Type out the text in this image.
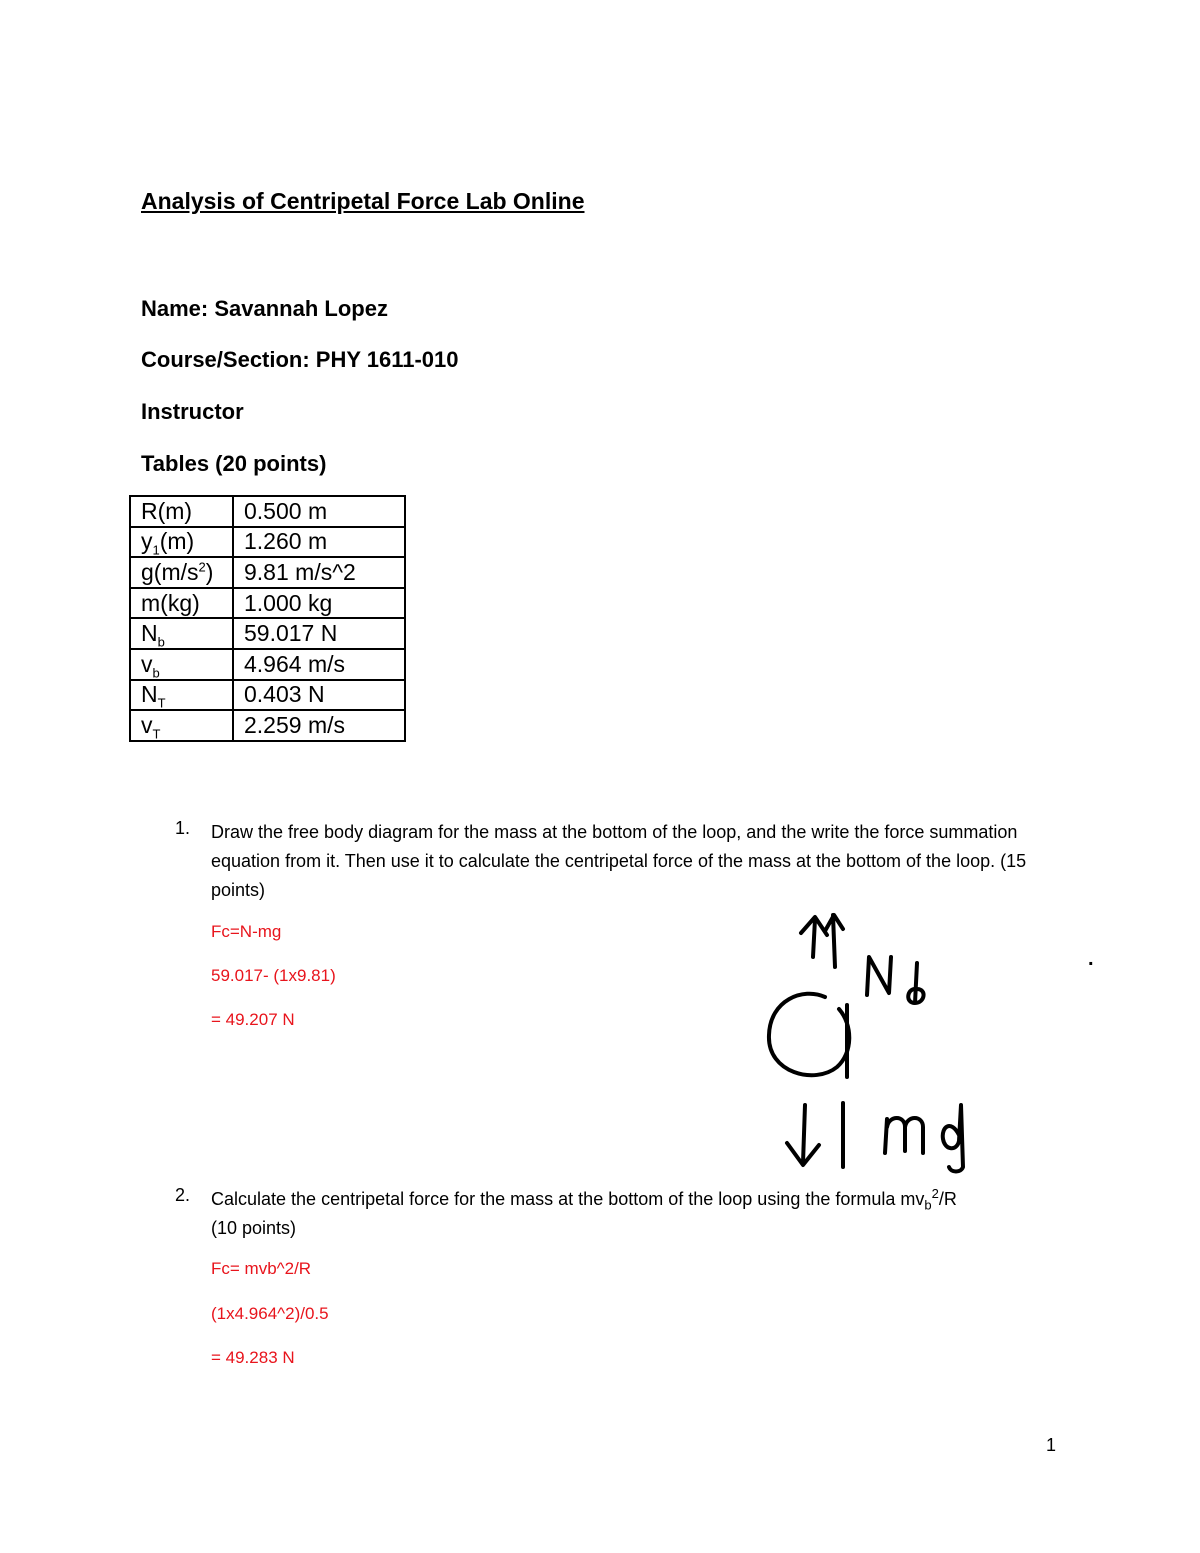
Analysis of Centripetal Force Lab Online
Name: Savannah Lopez
Course/Section: PHY 1611-010
Instructor
Tables (20 points)
R(m)	0.500 m
$y_1(m)$	1.260 m
$g(m/s^2)$	9.81 m/s^2
m(kg)	1.000 kg
$N_b$	59.017 N
$v_b$	4.964 m/s
$N_T$	0.403 N
$v_T$	2.259 m/s
1. Draw the free body diagram for the mass at the bottom of the loop, and the write the force summation equation from it. Then use it to calculate the centripetal force of the mass at the bottom of the loop. (15 points)
Fc=N-mg
59.017- (1x9.81)
= 49.207 N
.
2. Calculate the centripetal force for the mass at the bottom of the loop using the formula $mv_b^2/R$
(10 points)
Fc= mvb^2/R
(1x4.964^2)/0.5
= 49.283 N
1
